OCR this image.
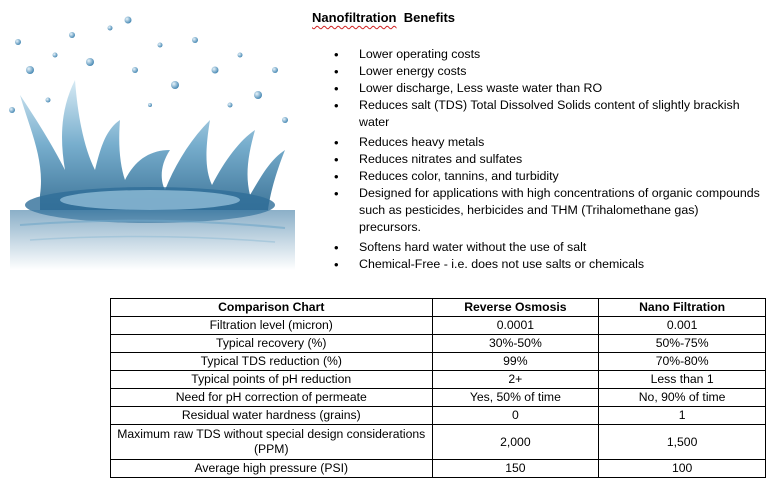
Nanofiltration Benefits
• Lower operating costs
• Lower energy costs
• Lower discharge, Less waste water than RO
• Reduces salt (TDS) Total Dissolved Solids content of slightly brackish water
• Reduces heavy metals
• Reduces nitrates and sulfates
• Reduces color, tannins, and turbidity
• Designed for applications with high concentrations of organic compounds such as pesticides, herbicides and THM (Trihalomethane gas) precursors.
• Softens hard water without the use of salt
• Chemical-Free - i.e. does not use salts or chemicals
Comparison Chart	Reverse Osmosis	Nano Filtration
Filtration level (micron)	0.0001	0.001
Typical recovery (%)	30%-50%	50%-75%
Typical TDS reduction (%)	99%	70%-80%
Typical points of pH reduction	2+	Less than 1
Need for pH correction of permeate	Yes, 50% of time	No, 90% of time
Residual water hardness (grains)	0	1
Maximum raw TDS without special design considerations (PPM)	2,000	1,500
Average high pressure (PSI)	150	100
